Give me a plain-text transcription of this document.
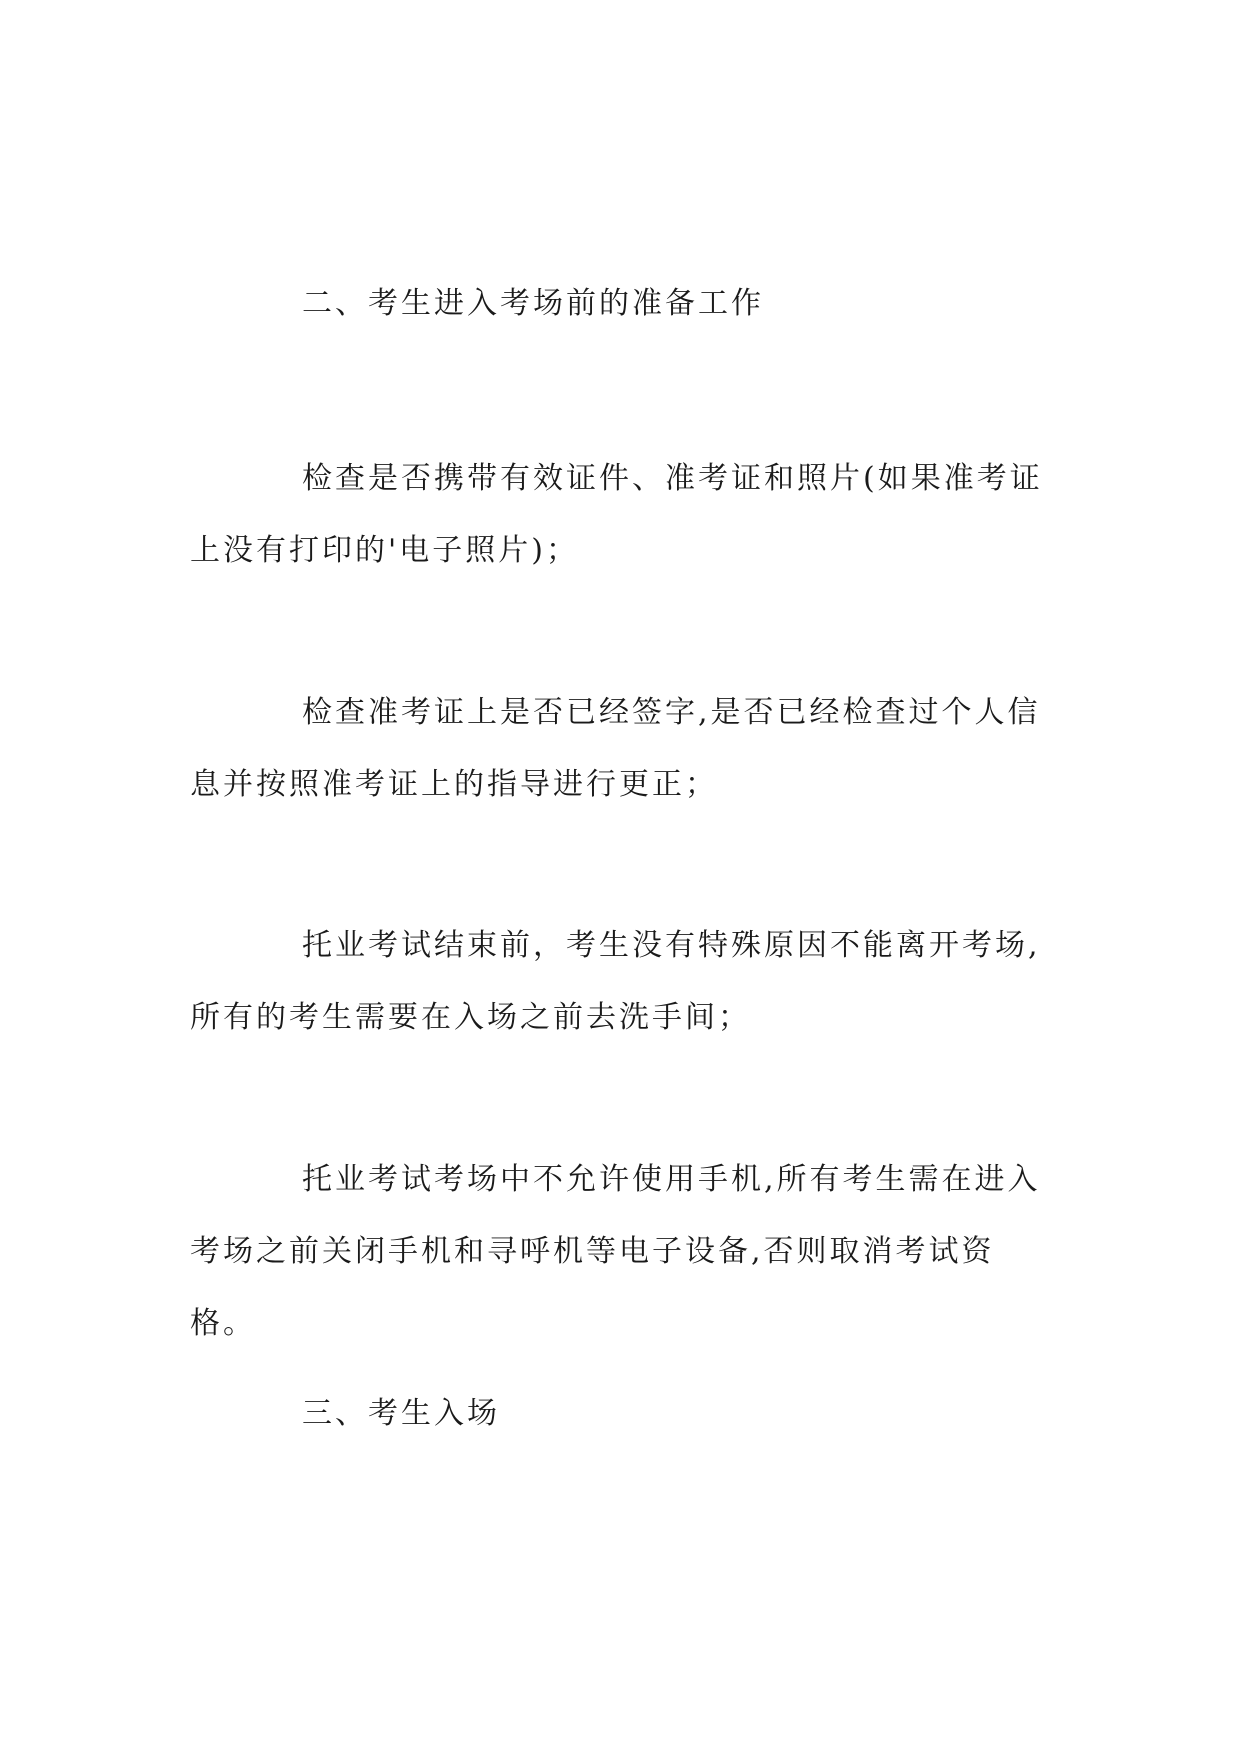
二、考生进入考场前的准备工作
检查是否携带有效证件、准考证和照片(如果准考证上没有打印的'电子照片)；
检查准考证上是否已经签字,是否已经检查过个人信息并按照准考证上的指导进行更正；
托业考试结束前，考生没有特殊原因不能离开考场,所有的考生需要在入场之前去洗手间；
托业考试考场中不允许使用手机,所有考生需在进入考场之前关闭手机和寻呼机等电子设备,否则取消考试资格。
三、考生入场
